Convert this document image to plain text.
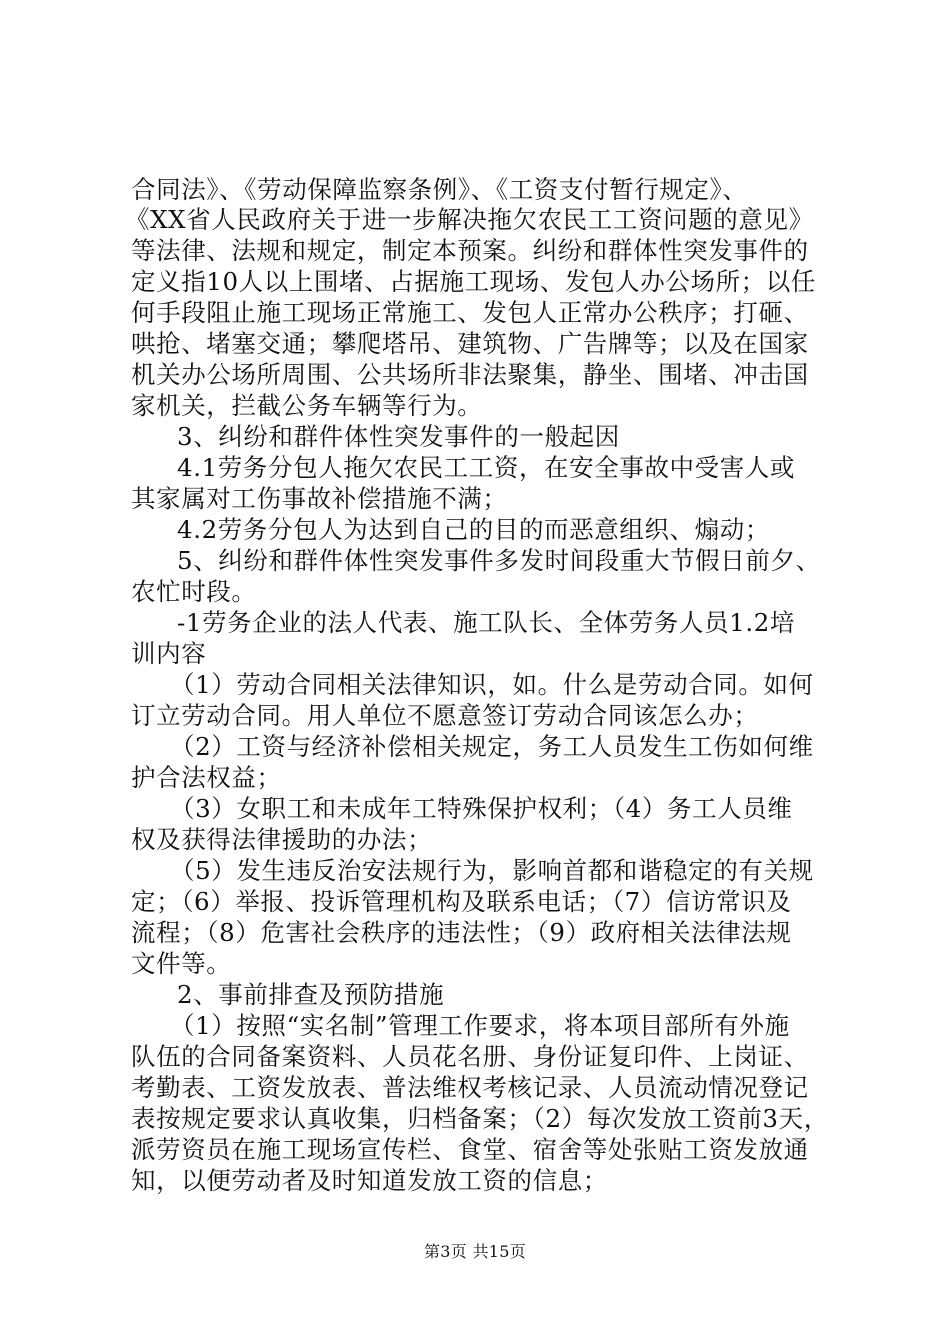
合同法》、《劳动保障监察条例》、《工资支付暂行规定》、
《XX省人民政府关于进一步解决拖欠农民工工资问题的意见》
等法律、法规和规定，制定本预案。纠纷和群体性突发事件的
定义指10人以上围堵、占据施工现场、发包人办公场所；以任
何手段阻止施工现场正常施工、发包人正常办公秩序；打砸、
哄抢、堵塞交通；攀爬塔吊、建筑物、广告牌等；以及在国家
机关办公场所周围、公共场所非法聚集，静坐、围堵、冲击国
家机关，拦截公务车辆等行为。
3、纠纷和群件体性突发事件的一般起因
4.1劳务分包人拖欠农民工工资，在安全事故中受害人或
其家属对工伤事故补偿措施不满；
4.2劳务分包人为达到自己的目的而恶意组织、煽动；
5、纠纷和群件体性突发事件多发时间段重大节假日前夕、
农忙时段。
-1劳务企业的法人代表、施工队长、全体劳务人员1.2培
训内容
（1）劳动合同相关法律知识，如。什么是劳动合同。如何
订立劳动合同。用人单位不愿意签订劳动合同该怎么办；
（2）工资与经济补偿相关规定，务工人员发生工伤如何维
护合法权益；
（3）女职工和未成年工特殊保护权利；（4）务工人员维
权及获得法律援助的办法；
（5）发生违反治安法规行为，影响首都和谐稳定的有关规
定；（6）举报、投诉管理机构及联系电话；（7）信访常识及
流程；（8）危害社会秩序的违法性；（9）政府相关法律法规
文件等。
2、事前排查及预防措施
（1）按照“实名制”管理工作要求，将本项目部所有外施
队伍的合同备案资料、人员花名册、身份证复印件、上岗证、
考勤表、工资发放表、普法维权考核记录、人员流动情况登记
表按规定要求认真收集，归档备案；（2）每次发放工资前3天，
派劳资员在施工现场宣传栏、食堂、宿舍等处张贴工资发放通
知，以便劳动者及时知道发放工资的信息；
第3页 共15页
